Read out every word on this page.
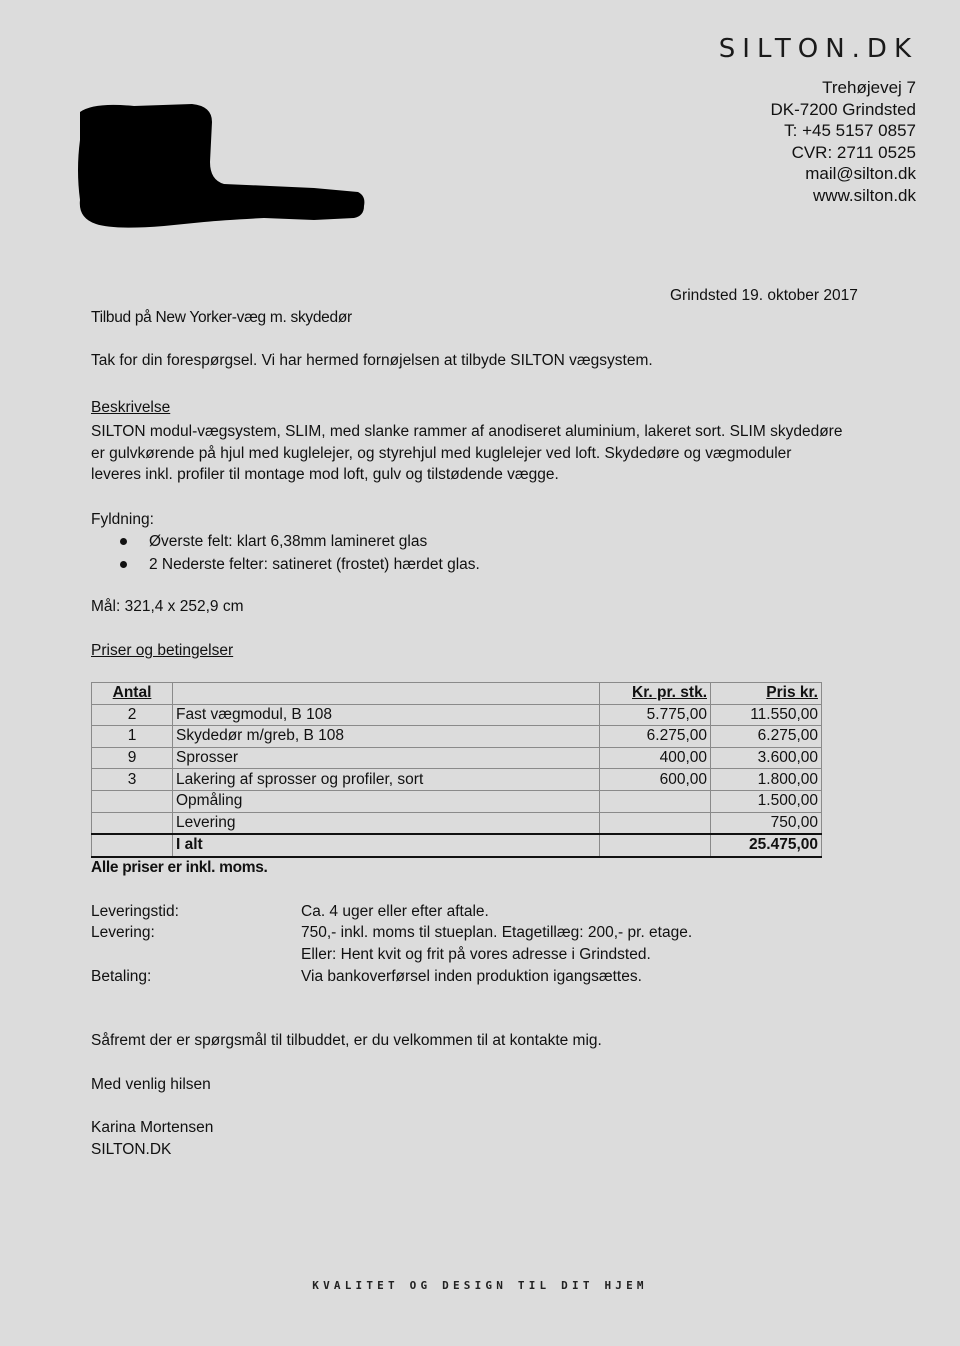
SILTON.DK
Trehøjevej 7
DK-7200 Grindsted
T: +45 5157 0857
CVR: 2711 0525
mail@silton.dk
www.silton.dk
Grindsted 19. oktober 2017
Tilbud på New Yorker-væg m. skydedør
Tak for din forespørgsel. Vi har hermed fornøjelsen at tilbyde SILTON vægsystem.
Beskrivelse
SILTON modul-vægsystem, SLIM, med slanke rammer af anodiseret aluminium, lakeret sort. SLIM skydedøre
er gulvkørende på hjul med kuglelejer, og styrehjul med kuglelejer ved loft. Skydedøre og vægmoduler
leveres inkl. profiler til montage mod loft, gulv og tilstødende vægge.
Fyldning:
Øverste felt: klart 6,38mm lamineret glas
2 Nederste felter: satineret (frostet) hærdet glas.
Mål: 321,4 x 252,9 cm
Priser og betingelser
Antal		Kr. pr. stk.	Pris kr.
2	Fast vægmodul, B 108	5.775,00	11.550,00
1	Skydedør m/greb, B 108	6.275,00	6.275,00
9	Sprosser	400,00	3.600,00
3	Lakering af sprosser og profiler, sort	600,00	1.800,00
	Opmåling		1.500,00
	Levering		750,00
	I alt		25.475,00
Alle priser er inkl. moms.
Leveringstid:	Ca. 4 uger eller efter aftale.
Levering:	750,- inkl. moms til stueplan. Etagetillæg: 200,- pr. etage.
Eller: Hent kvit og frit på vores adresse i Grindsted.
Betaling:	Via bankoverførsel inden produktion igangsættes.
Såfremt der er spørgsmål til tilbuddet, er du velkommen til at kontakte mig.
Med venlig hilsen
Karina Mortensen
SILTON.DK
KVALITET OG DESIGN TIL DIT HJEM
